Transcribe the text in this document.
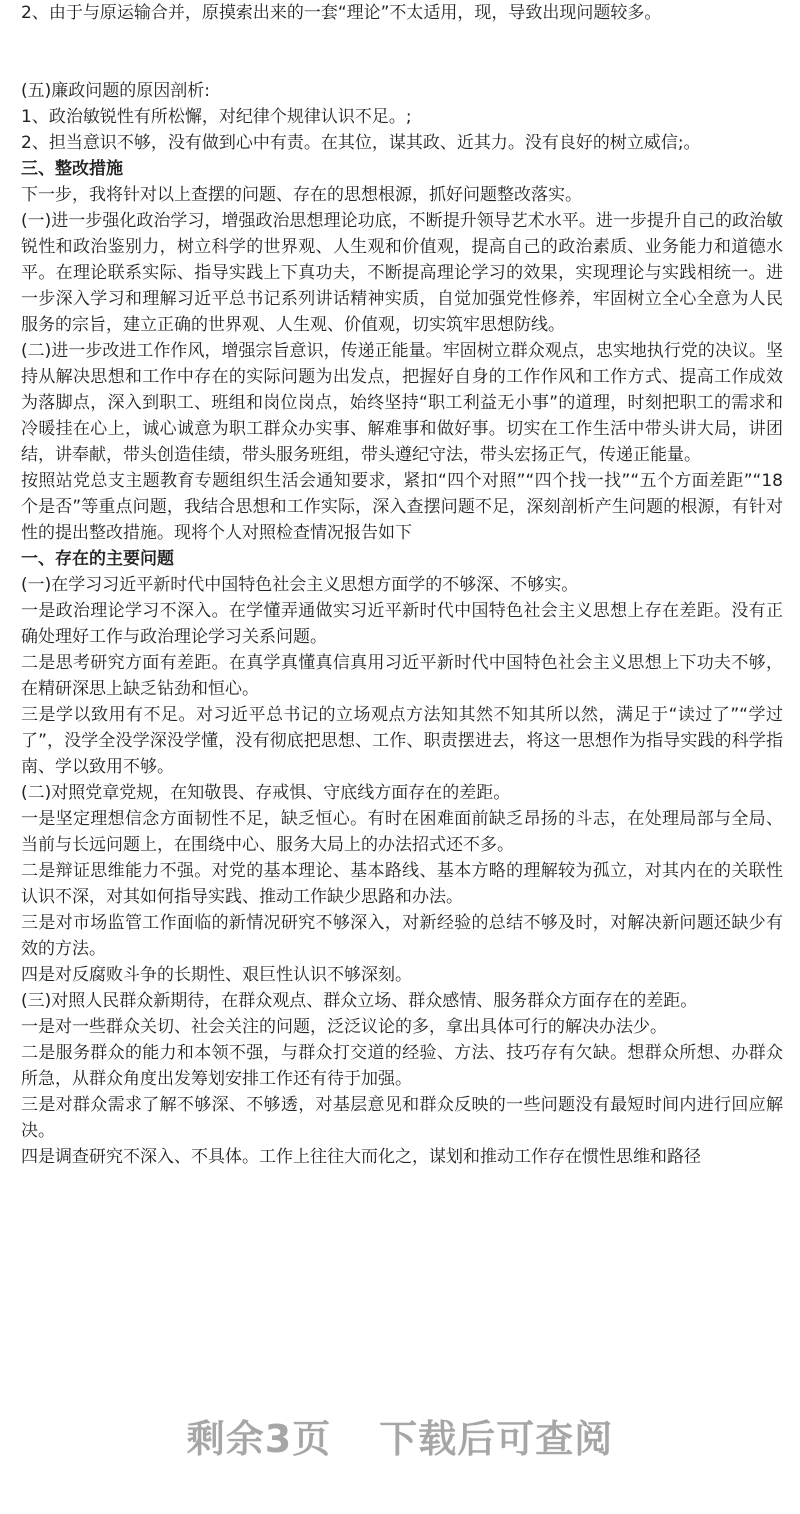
2、由于与原运输合并，原摸索出来的一套“理论”不太适用，现，导致出现问题较多。

(五)廉政问题的原因剖析:

1、政治敏锐性有所松懈，对纪律个规律认识不足。;

2、担当意识不够，没有做到心中有责。在其位，谋其政、近其力。没有良好的树立威信;。

三、整改措施

下一步，我将针对以上查摆的问题、存在的思想根源，抓好问题整改落实。

(一)进一步强化政治学习，增强政治思想理论功底，不断提升领导艺术水平。进一步提升自己的政治敏锐性和政治鉴别力，树立科学的世界观、人生观和价值观，提高自己的政治素质、业务能力和道德水平。在理论联系实际、指导实践上下真功夫，不断提高理论学习的效果，实现理论与实践相统一。进一步深入学习和理解习近平总书记系列讲话精神实质，自觉加强党性修养，牢固树立全心全意为人民服务的宗旨，建立正确的世界观、人生观、价值观，切实筑牢思想防线。

(二)进一步改进工作作风，增强宗旨意识，传递正能量。牢固树立群众观点，忠实地执行党的决议。坚持从解决思想和工作中存在的实际问题为出发点，把握好自身的工作作风和工作方式、提高工作成效为落脚点，深入到职工、班组和岗位岗点，始终坚持“职工利益无小事”的道理，时刻把职工的需求和冷暖挂在心上，诚心诚意为职工群众办实事、解难事和做好事。切实在工作生活中带头讲大局，讲团结，讲奉献，带头创造佳绩，带头服务班组，带头遵纪守法，带头宏扬正气，传递正能量。

按照站党总支主题教育专题组织生活会通知要求，紧扣“四个对照”“四个找一找”“五个方面差距”“18 个是否”等重点问题，我结合思想和工作实际，深入查摆问题不足，深刻剖析产生问题的根源，有针对性的提出整改措施。现将个人对照检查情况报告如下

一、存在的主要问题

(一)在学习习近平新时代中国特色社会主义思想方面学的不够深、不够实。

一是政治理论学习不深入。在学懂弄通做实习近平新时代中国特色社会主义思想上存在差距。没有正确处理好工作与政治理论学习关系问题。

二是思考研究方面有差距。在真学真懂真信真用习近平新时代中国特色社会主义思想上下功夫不够，在精研深思上缺乏钻劲和恒心。

三是学以致用有不足。对习近平总书记的立场观点方法知其然不知其所以然，满足于“读过了”“学过了”，没学全没学深没学懂，没有彻底把思想、工作、职责摆进去，将这一思想作为指导实践的科学指南、学以致用不够。

(二)对照党章党规，在知敬畏、存戒惧、守底线方面存在的差距。

一是坚定理想信念方面韧性不足，缺乏恒心。有时在困难面前缺乏昂扬的斗志，在处理局部与全局、当前与长远问题上，在围绕中心、服务大局上的办法招式还不多。

二是辩证思维能力不强。对党的基本理论、基本路线、基本方略的理解较为孤立，对其内在的关联性认识不深，对其如何指导实践、推动工作缺少思路和办法。

三是对市场监管工作面临的新情况研究不够深入，对新经验的总结不够及时，对解决新问题还缺少有效的方法。

四是对反腐败斗争的长期性、艰巨性认识不够深刻。

(三)对照人民群众新期待，在群众观点、群众立场、群众感情、服务群众方面存在的差距。

一是对一些群众关切、社会关注的问题，泛泛议论的多，拿出具体可行的解决办法少。

二是服务群众的能力和本领不强，与群众打交道的经验、方法、技巧存有欠缺。想群众所想、办群众所急，从群众角度出发筹划安排工作还有待于加强。

三是对群众需求了解不够深、不够透，对基层意见和群众反映的一些问题没有最短时间内进行回应解决。

四是调查研究不深入、不具体。工作上往往大而化之，谋划和推动工作存在惯性思维和路径

剩余3页 下载后可查阅
